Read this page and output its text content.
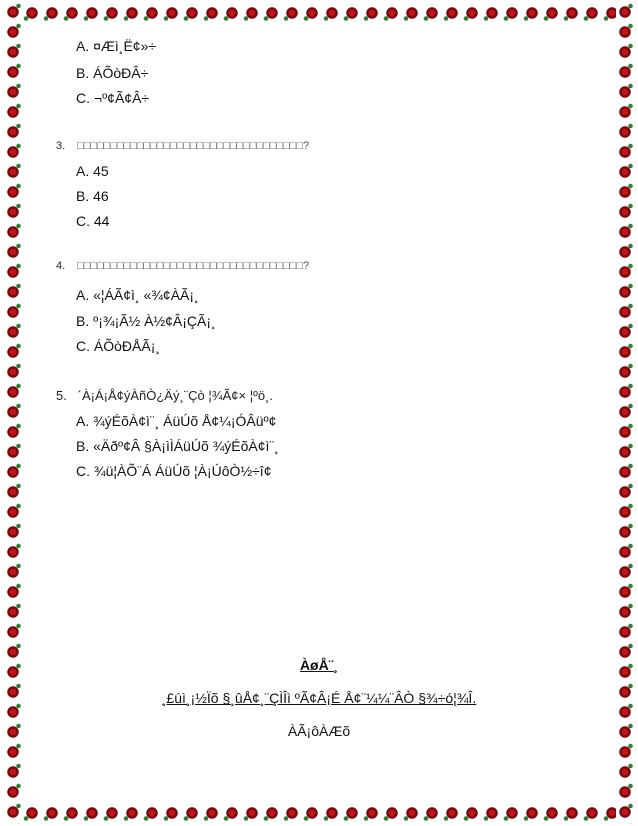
A. ¤Æì¸Ë¢»÷
B. ÁÕòÐÂ÷
C. ¬º¢Ã¢Â÷
3. □□□□□□□□□□□□□□□□□□□□□□□□□□□□□□□□□□?
A. 45
B. 46
C. 44
4. □□□□□□□□□□□□□□□□□□□□□□□□□□□□□□□□□□?
A. «¦ÁÃ¢ì¸ «¾¢ÀÃ¡¸
B. º¡¾¡Ã½ À½¢Â¡ÇÃ¡¸
C. ÁÕòÐÅÃ¡¸
5. ´À¡Á¡Å¢ýÀñÒ¿Äý¸¨Çò ¦¾Ã¢× ¦ºö¸.
A. ¾ýÉõÀ¢ì¨¸ ÁüÚõ Å¢¼¡ÓÂüº¢
B. «Äðº¢Â §À¡ìÌÁüÚõ ¾ýÉõÀ¢ì¨¸
C. ¾ü¦ÀÕ¨Á ÁüÚõ ¦À¡ÚôÒ½÷î¢
ÀøÅ¨¸
¸£úì¸¡½Ïõ §¸ûÅ¢¸¨ÇÌÎì ºÃ¢Â¡É Å¢¨¼¼¨ÂÒ §¾÷ó¦¾Î.
ÀÃ¡ôÀÆõ
